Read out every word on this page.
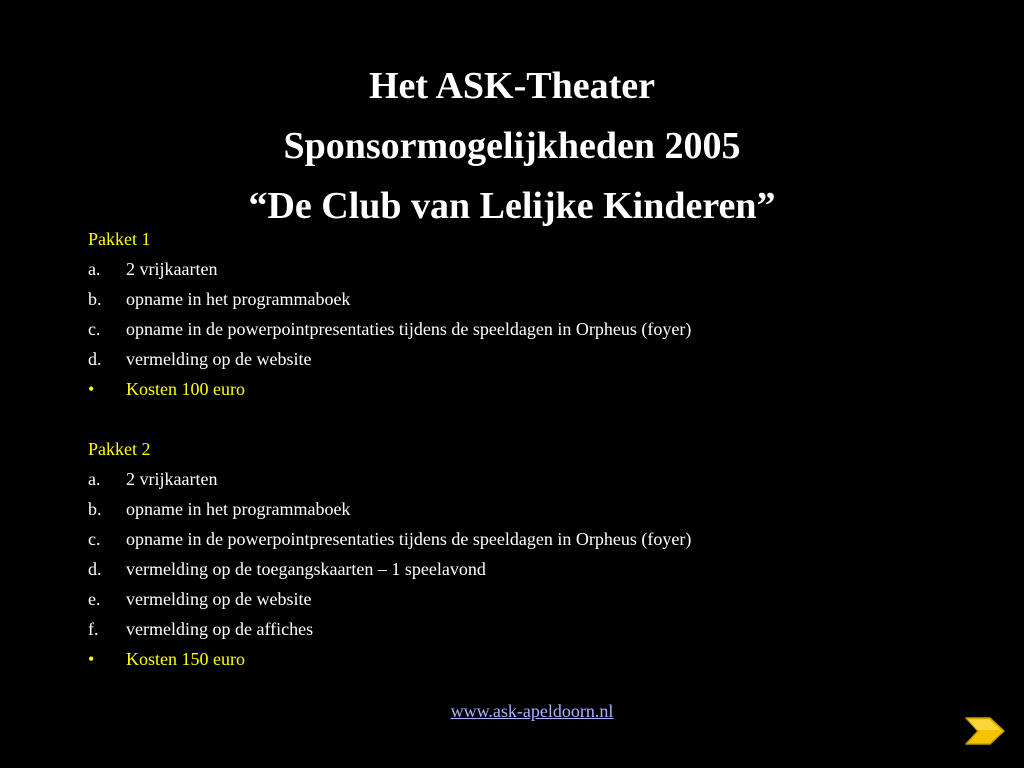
Het ASK-Theater
Sponsormogelijkheden 2005
“De Club van Lelijke Kinderen”
Pakket 1
a. 2 vrijkaarten
b. opname in het programmaboek
c. opname in de powerpointpresentaties tijdens de speeldagen in Orpheus (foyer)
d. vermelding op de website
• Kosten 100 euro
Pakket 2
a. 2 vrijkaarten
b. opname in het programmaboek
c. opname in de powerpointpresentaties tijdens de speeldagen in Orpheus (foyer)
d. vermelding op de toegangskaarten – 1 speelavond
e. vermelding op de website
f. vermelding op de affiches
• Kosten 150 euro
www.ask-apeldoorn.nl
